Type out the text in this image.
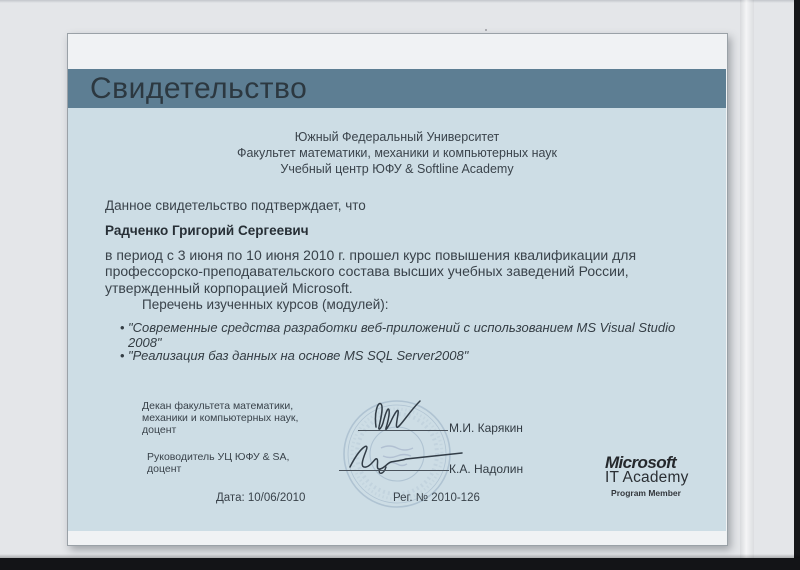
Свидетельство
Южный Федеральный Университет
Факультет математики, механики и компьютерных наук
Учебный центр ЮФУ & Softline Academy
Данное свидетельство подтверждает, что
Радченко Григорий Сергеевич
в период с 3 июня по 10 июня 2010 г. прошел курс повышения квалификации для
профессорско-преподавательского состава высших учебных заведений России,
утвержденный корпорацией Microsoft.
Перечень изученных курсов (модулей):
• "Современные средства разработки веб-приложений с использованием MS Visual Studio 2008"
• "Реализация баз данных на основе MS SQL Server2008"
Декан факультета математики,
механики и компьютерных наук,
доцент	М.И. Карякин
Руководитель УЦ ЮФУ & SA,
доцент	К.А. Надолин
Дата: 10/06/2010	Рег. № 2010-126
Microsoft
IT Academy
Program Member
